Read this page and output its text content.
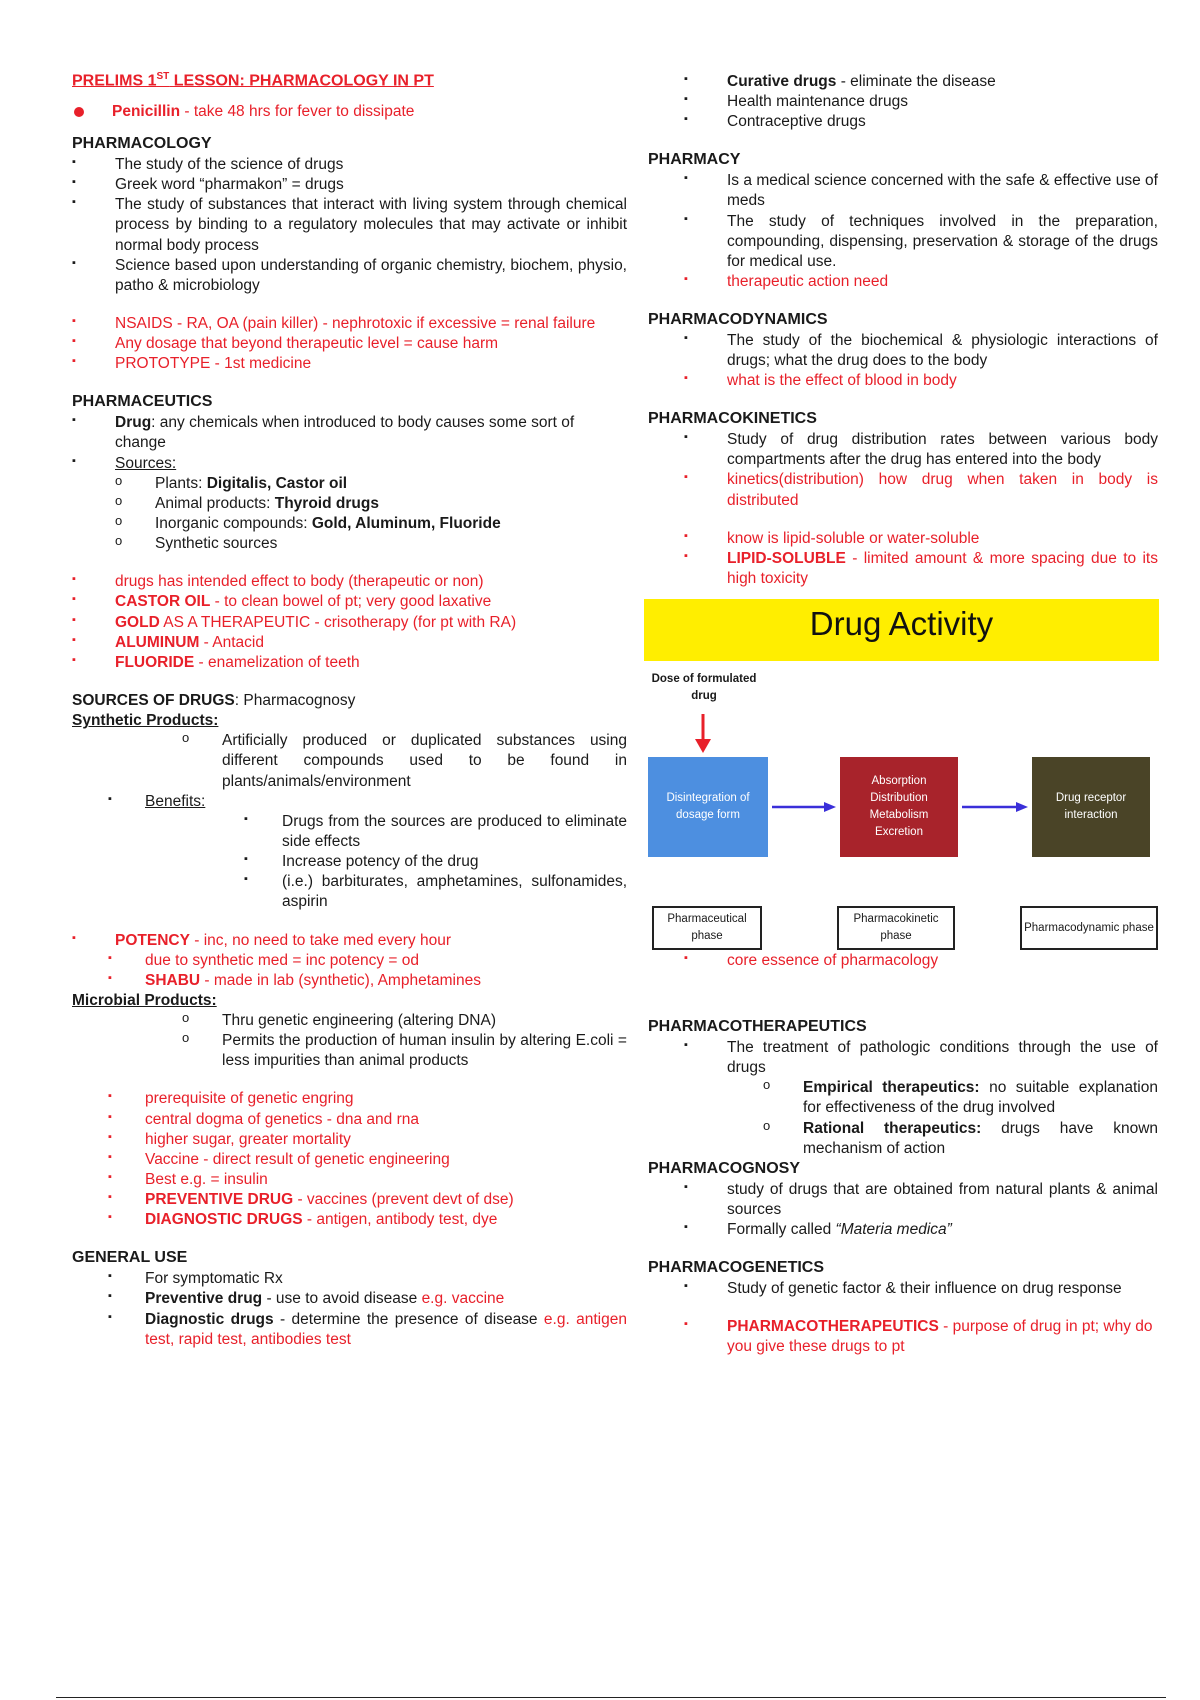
PRELIMS 1ST LESSON: PHARMACOLOGY IN PT
Penicillin - take 48 hrs for fever to dissipate
PHARMACOLOGY
▪ The study of the science of drugs
▪ Greek word “pharmakon” = drugs
▪ The study of substances that interact with living system through chemical process by binding to a regulatory molecules that may activate or inhibit normal body process
▪ Science based upon understanding of organic chemistry, biochem, physio, patho & microbiology
▪ NSAIDS - RA, OA (pain killer) - nephrotoxic if excessive = renal failure
▪ Any dosage that beyond therapeutic level = cause harm
▪ PROTOTYPE - 1st medicine
PHARMACEUTICS
▪ Drug: any chemicals when introduced to body causes some sort of change
▪ Sources:
o Plants: Digitalis, Castor oil
o Animal products: Thyroid drugs
o Inorganic compounds: Gold, Aluminum, Fluoride
o Synthetic sources
▪ drugs has intended effect to body (therapeutic or non)
▪ CASTOR OIL - to clean bowel of pt; very good laxative
▪ GOLD AS A THERAPEUTIC - crisotherapy (for pt with RA)
▪ ALUMINUM - Antacid
▪ FLUORIDE - enamelization of teeth
SOURCES OF DRUGS: Pharmacognosy
Synthetic Products:
o Artificially produced or duplicated substances using different compounds used to be found in plants/animals/environment
▪ Benefits:
▪ Drugs from the sources are produced to eliminate side effects
▪ Increase potency of the drug
▪ (i.e.) barbiturates, amphetamines, sulfonamides, aspirin
▪ POTENCY - inc, no need to take med every hour
▪ due to synthetic med = inc potency = od
▪ SHABU - made in lab (synthetic), Amphetamines
Microbial Products:
o Thru genetic engineering (altering DNA)
o Permits the production of human insulin by altering E.coli = less impurities than animal products
▪ prerequisite of genetic engring
▪ central dogma of genetics - dna and rna
▪ higher sugar, greater mortality
▪ Vaccine - direct result of genetic engineering
▪ Best e.g. = insulin
▪ PREVENTIVE DRUG - vaccines (prevent devt of dse)
▪ DIAGNOSTIC DRUGS - antigen, antibody test, dye
GENERAL USE
▪ For symptomatic Rx
▪ Preventive drug - use to avoid disease e.g. vaccine
▪ Diagnostic drugs - determine the presence of disease e.g. antigen test, rapid test, antibodies test
▪ Curative drugs - eliminate the disease
▪ Health maintenance drugs
▪ Contraceptive drugs
PHARMACY
▪ Is a medical science concerned with the safe & effective use of meds
▪ The study of techniques involved in the preparation, compounding, dispensing, preservation & storage of the drugs for medical use.
▪ therapeutic action need
PHARMACODYNAMICS
▪ The study of the biochemical & physiologic interactions of drugs; what the drug does to the body
▪ what is the effect of blood in body
PHARMACOKINETICS
▪ Study of drug distribution rates between various body compartments after the drug has entered into the body
▪ kinetics(distribution) how drug when taken in body is distributed
▪ know is lipid-soluble or water-soluble
▪ LIPID-SOLUBLE - limited amount & more spacing due to its high toxicity
Drug Activity
Dose of formulated drug
Disintegration of dosage form
Absorption
Distribution
Metabolism
Excretion
Drug receptor interaction
Pharmaceutical phase
Pharmacokinetic phase
Pharmacodynamic phase
▪ core essence of pharmacology
PHARMACOTHERAPEUTICS
▪ The treatment of pathologic conditions through the use of drugs
o Empirical therapeutics: no suitable explanation for effectiveness of the drug involved
o Rational therapeutics: drugs have known mechanism of action
PHARMACOGNOSY
▪ study of drugs that are obtained from natural plants & animal sources
▪ Formally called “Materia medica”
PHARMACOGENETICS
▪ Study of genetic factor & their influence on drug response
▪ PHARMACOTHERAPEUTICS - purpose of drug in pt; why do you give these drugs to pt
